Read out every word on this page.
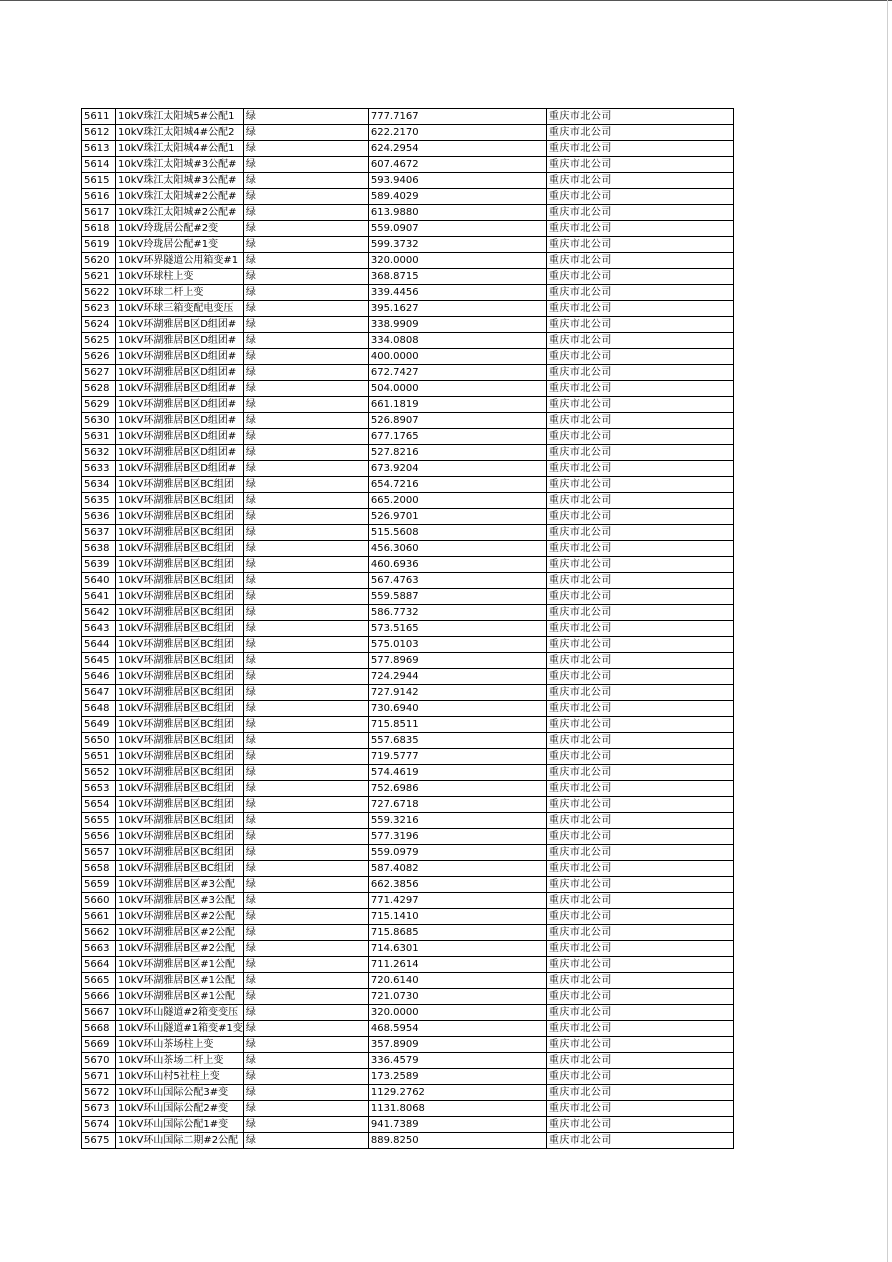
5611	10kV珠江太阳城5#公配1	绿	777.7167	重庆市北公司
5612	10kV珠江太阳城4#公配2	绿	622.2170	重庆市北公司
5613	10kV珠江太阳城4#公配1	绿	624.2954	重庆市北公司
5614	10kV珠江太阳城#3公配#	绿	607.4672	重庆市北公司
5615	10kV珠江太阳城#3公配#	绿	593.9406	重庆市北公司
5616	10kV珠江太阳城#2公配#	绿	589.4029	重庆市北公司
5617	10kV珠江太阳城#2公配#	绿	613.9880	重庆市北公司
5618	10kV玲珑居公配#2变	绿	559.0907	重庆市北公司
5619	10kV玲珑居公配#1变	绿	599.3732	重庆市北公司
5620	10kV环界隧道公用箱变#1	绿	320.0000	重庆市北公司
5621	10kV环球柱上变	绿	368.8715	重庆市北公司
5622	10kV环球二杆上变	绿	339.4456	重庆市北公司
5623	10kV环球三箱变配电变压	绿	395.1627	重庆市北公司
5624	10kV环湖雅居B区D组团#	绿	338.9909	重庆市北公司
5625	10kV环湖雅居B区D组团#	绿	334.0808	重庆市北公司
5626	10kV环湖雅居B区D组团#	绿	400.0000	重庆市北公司
5627	10kV环湖雅居B区D组团#	绿	672.7427	重庆市北公司
5628	10kV环湖雅居B区D组团#	绿	504.0000	重庆市北公司
5629	10kV环湖雅居B区D组团#	绿	661.1819	重庆市北公司
5630	10kV环湖雅居B区D组团#	绿	526.8907	重庆市北公司
5631	10kV环湖雅居B区D组团#	绿	677.1765	重庆市北公司
5632	10kV环湖雅居B区D组团#	绿	527.8216	重庆市北公司
5633	10kV环湖雅居B区D组团#	绿	673.9204	重庆市北公司
5634	10kV环湖雅居B区BC组团	绿	654.7216	重庆市北公司
5635	10kV环湖雅居B区BC组团	绿	665.2000	重庆市北公司
5636	10kV环湖雅居B区BC组团	绿	526.9701	重庆市北公司
5637	10kV环湖雅居B区BC组团	绿	515.5608	重庆市北公司
5638	10kV环湖雅居B区BC组团	绿	456.3060	重庆市北公司
5639	10kV环湖雅居B区BC组团	绿	460.6936	重庆市北公司
5640	10kV环湖雅居B区BC组团	绿	567.4763	重庆市北公司
5641	10kV环湖雅居B区BC组团	绿	559.5887	重庆市北公司
5642	10kV环湖雅居B区BC组团	绿	586.7732	重庆市北公司
5643	10kV环湖雅居B区BC组团	绿	573.5165	重庆市北公司
5644	10kV环湖雅居B区BC组团	绿	575.0103	重庆市北公司
5645	10kV环湖雅居B区BC组团	绿	577.8969	重庆市北公司
5646	10kV环湖雅居B区BC组团	绿	724.2944	重庆市北公司
5647	10kV环湖雅居B区BC组团	绿	727.9142	重庆市北公司
5648	10kV环湖雅居B区BC组团	绿	730.6940	重庆市北公司
5649	10kV环湖雅居B区BC组团	绿	715.8511	重庆市北公司
5650	10kV环湖雅居B区BC组团	绿	557.6835	重庆市北公司
5651	10kV环湖雅居B区BC组团	绿	719.5777	重庆市北公司
5652	10kV环湖雅居B区BC组团	绿	574.4619	重庆市北公司
5653	10kV环湖雅居B区BC组团	绿	752.6986	重庆市北公司
5654	10kV环湖雅居B区BC组团	绿	727.6718	重庆市北公司
5655	10kV环湖雅居B区BC组团	绿	559.3216	重庆市北公司
5656	10kV环湖雅居B区BC组团	绿	577.3196	重庆市北公司
5657	10kV环湖雅居B区BC组团	绿	559.0979	重庆市北公司
5658	10kV环湖雅居B区BC组团	绿	587.4082	重庆市北公司
5659	10kV环湖雅居B区#3公配	绿	662.3856	重庆市北公司
5660	10kV环湖雅居B区#3公配	绿	771.4297	重庆市北公司
5661	10kV环湖雅居B区#2公配	绿	715.1410	重庆市北公司
5662	10kV环湖雅居B区#2公配	绿	715.8685	重庆市北公司
5663	10kV环湖雅居B区#2公配	绿	714.6301	重庆市北公司
5664	10kV环湖雅居B区#1公配	绿	711.2614	重庆市北公司
5665	10kV环湖雅居B区#1公配	绿	720.6140	重庆市北公司
5666	10kV环湖雅居B区#1公配	绿	721.0730	重庆市北公司
5667	10kV环山隧道#2箱变变压	绿	320.0000	重庆市北公司
5668	10kV环山隧道#1箱变#1变	绿	468.5954	重庆市北公司
5669	10kV环山茶场柱上变	绿	357.8909	重庆市北公司
5670	10kV环山茶场二杆上变	绿	336.4579	重庆市北公司
5671	10kV环山村5社柱上变	绿	173.2589	重庆市北公司
5672	10kV环山国际公配3#变	绿	1129.2762	重庆市北公司
5673	10kV环山国际公配2#变	绿	1131.8068	重庆市北公司
5674	10kV环山国际公配1#变	绿	941.7389	重庆市北公司
5675	10kV环山国际二期#2公配	绿	889.8250	重庆市北公司
